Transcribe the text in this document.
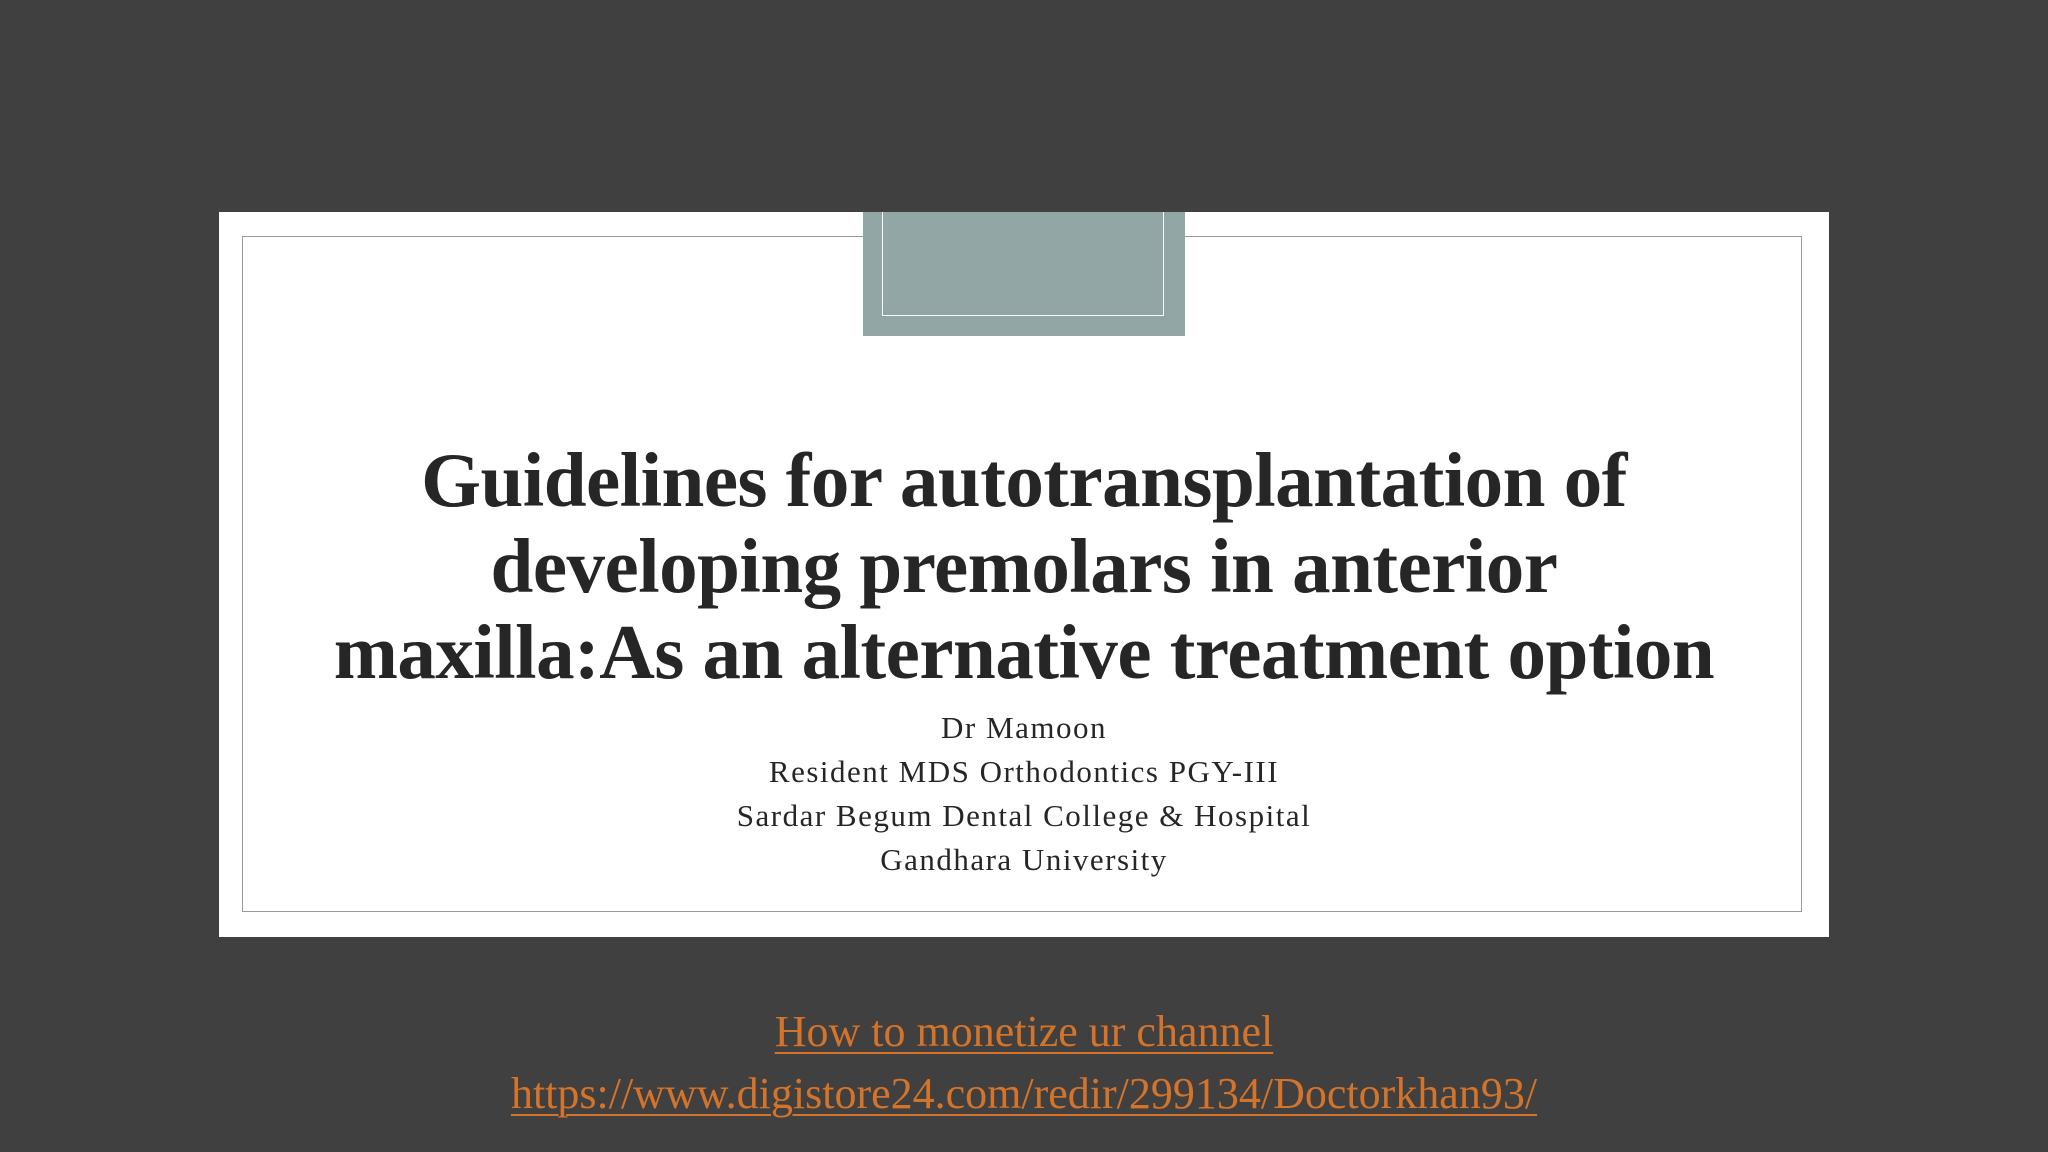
Guidelines for autotransplantation of
developing premolars in anterior
maxilla:As an alternative treatment option
Dr Mamoon
Resident MDS Orthodontics PGY-III
Sardar Begum Dental College & Hospital
Gandhara University
How to monetize ur channel
https://www.digistore24.com/redir/299134/Doctorkhan93/
